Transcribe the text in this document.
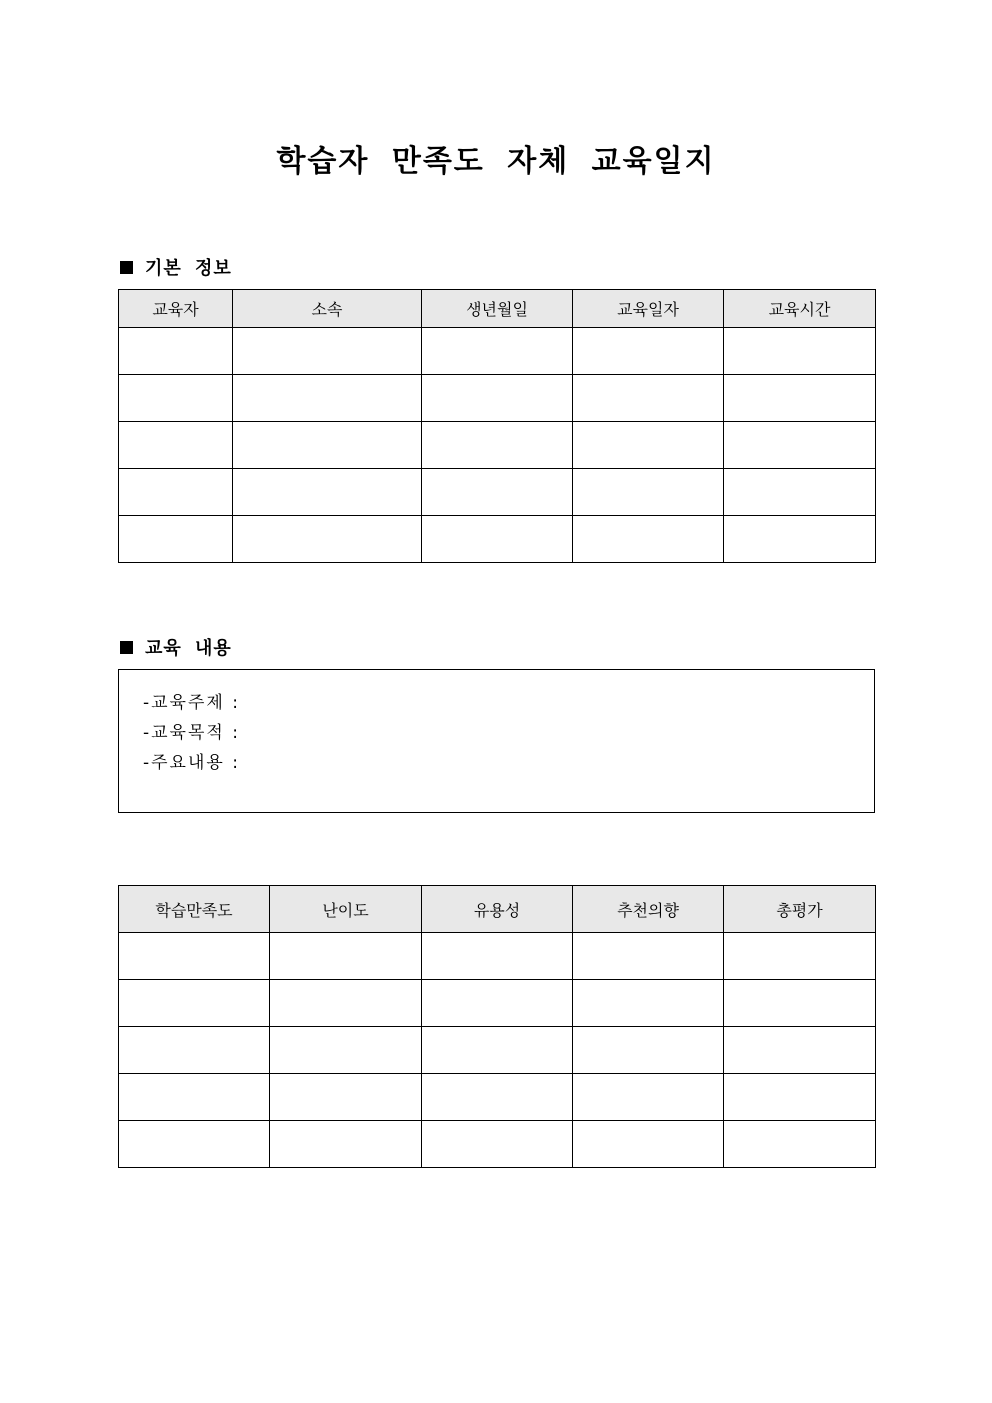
학습자 만족도 자체 교육일지
기본 정보
교육자	소속	생년월일	교육일자	교육시간

교육 내용
-교육주제 :
-교육목적 :
-주요내용 :
학습만족도	난이도	유용성	추천의향	총평가
